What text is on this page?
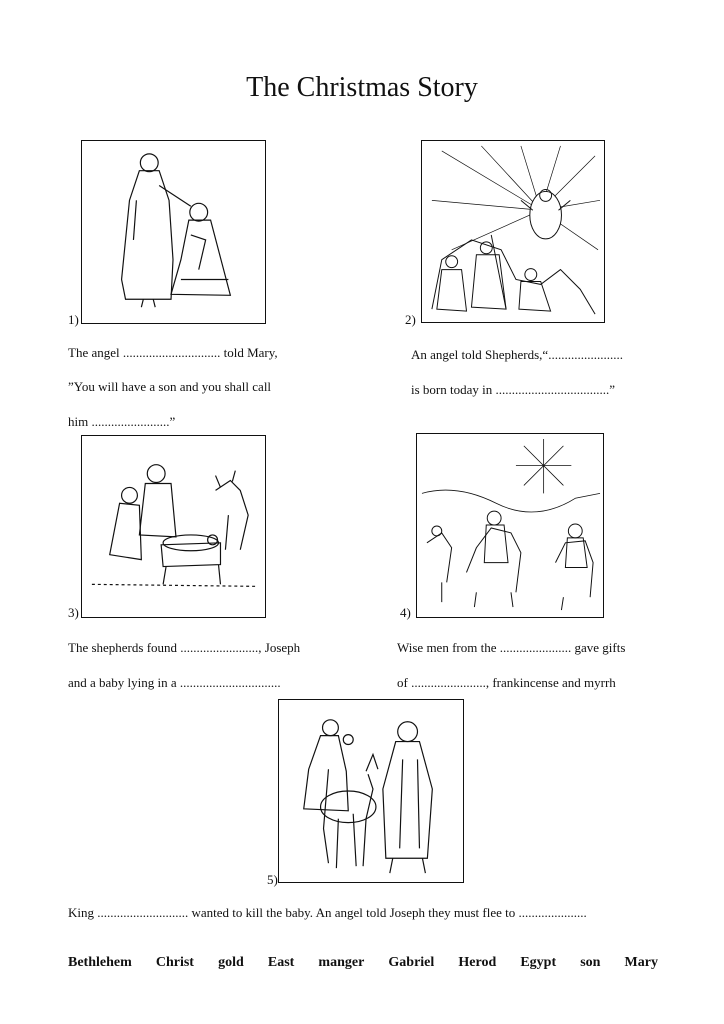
The Christmas Story
1)
The angel .............................. told Mary,
”You will have a son and you shall call
him ........................”
2)
An angel told Shepherds,“.......................
is born today in ...................................”
3)
The shepherds found ........................, Joseph
and a baby lying in a ...............................
4)
Wise men from the ...................... gave gifts
of ......................., frankincense and myrrh
5)
King ............................ wanted to kill the baby. An angel told Joseph they must flee to .....................
Bethlehem Christ gold East manger Gabriel Herod Egypt son Mary
